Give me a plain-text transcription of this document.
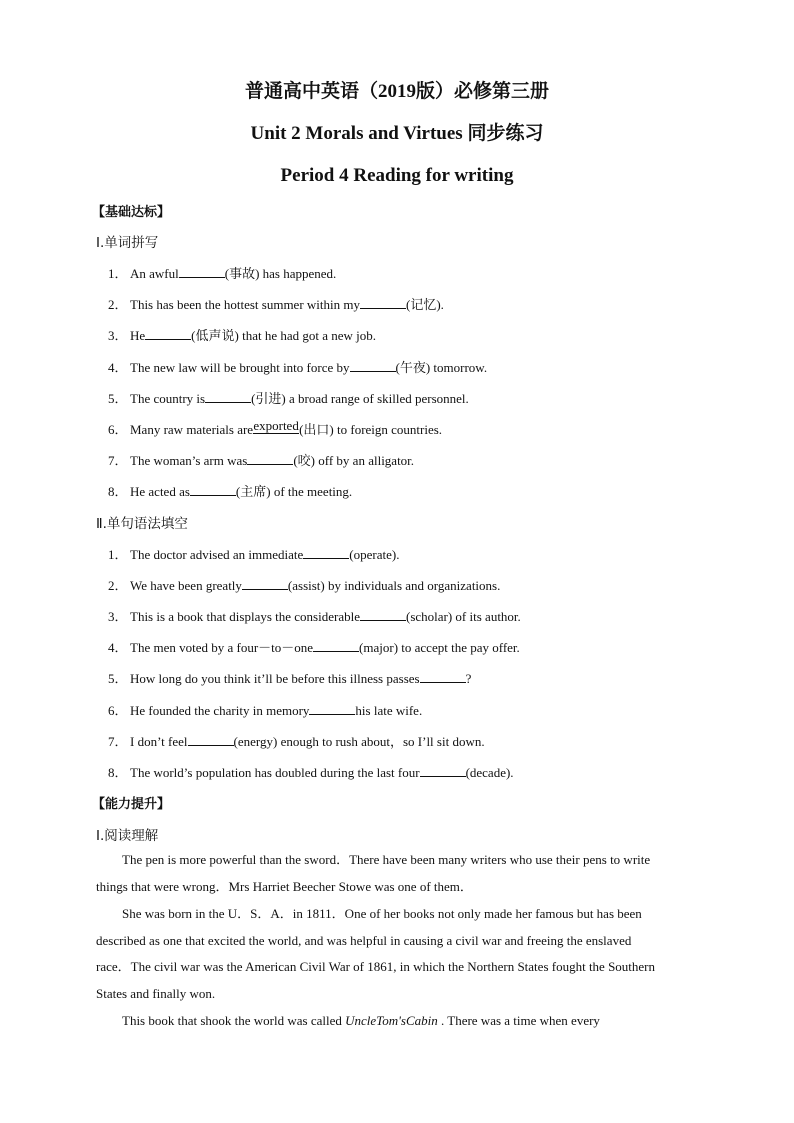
普通高中英语（2019版）必修第三册
Unit 2 Morals and Virtues 同步练习
Period 4 Reading for writing
【基础达标】
Ⅰ.单词拼写
1． An awful	(事故) has happened.
2． This has been the hottest summer within my	(记忆).
3． He	(低声说) that he had got a new job.
4． The new law will be brought into force by	(午夜) tomorrow.
5． The country is	(引进) a broad range of skilled personnel.
6． Many raw materials are exported (出口) to foreign countries.
7． The woman’s arm was	(咬) off by an alligator.
8． He acted as	(主席) of the meeting.
Ⅱ.单句语法填空
1． The doctor advised an immediate	(operate).
2． We have been greatly	(assist) by individuals and organizations.
3． This is a book that displays the considerable	(scholar) of its author.
4． The men voted by a four－to－one	(major) to accept the pay offer.
5． How long do you think it’ll be before this illness passes	?
6． He founded the charity in memory	his late wife.
7． I don’t feel	(energy) enough to rush about，so I’ll sit down.
8． The world’s population has doubled during the last four	(decade).
【能力提升】
Ⅰ.阅读理解
The pen is more powerful than the sword．There have been many writers who use their pens to write
things that were wrong．Mrs Harriet Beecher Stowe was one of them．
She was born in the U．S．A．in 1811．One of her books not only made her famous but has been
described as one that excited the world, and was helpful in causing a civil war and freeing the enslaved
race．The civil war was the American Civil War of 1861, in which the Northern States fought the Southern
States and finally won.
This book that shook the world was called UncleTom'sCabin . There was a time when every
